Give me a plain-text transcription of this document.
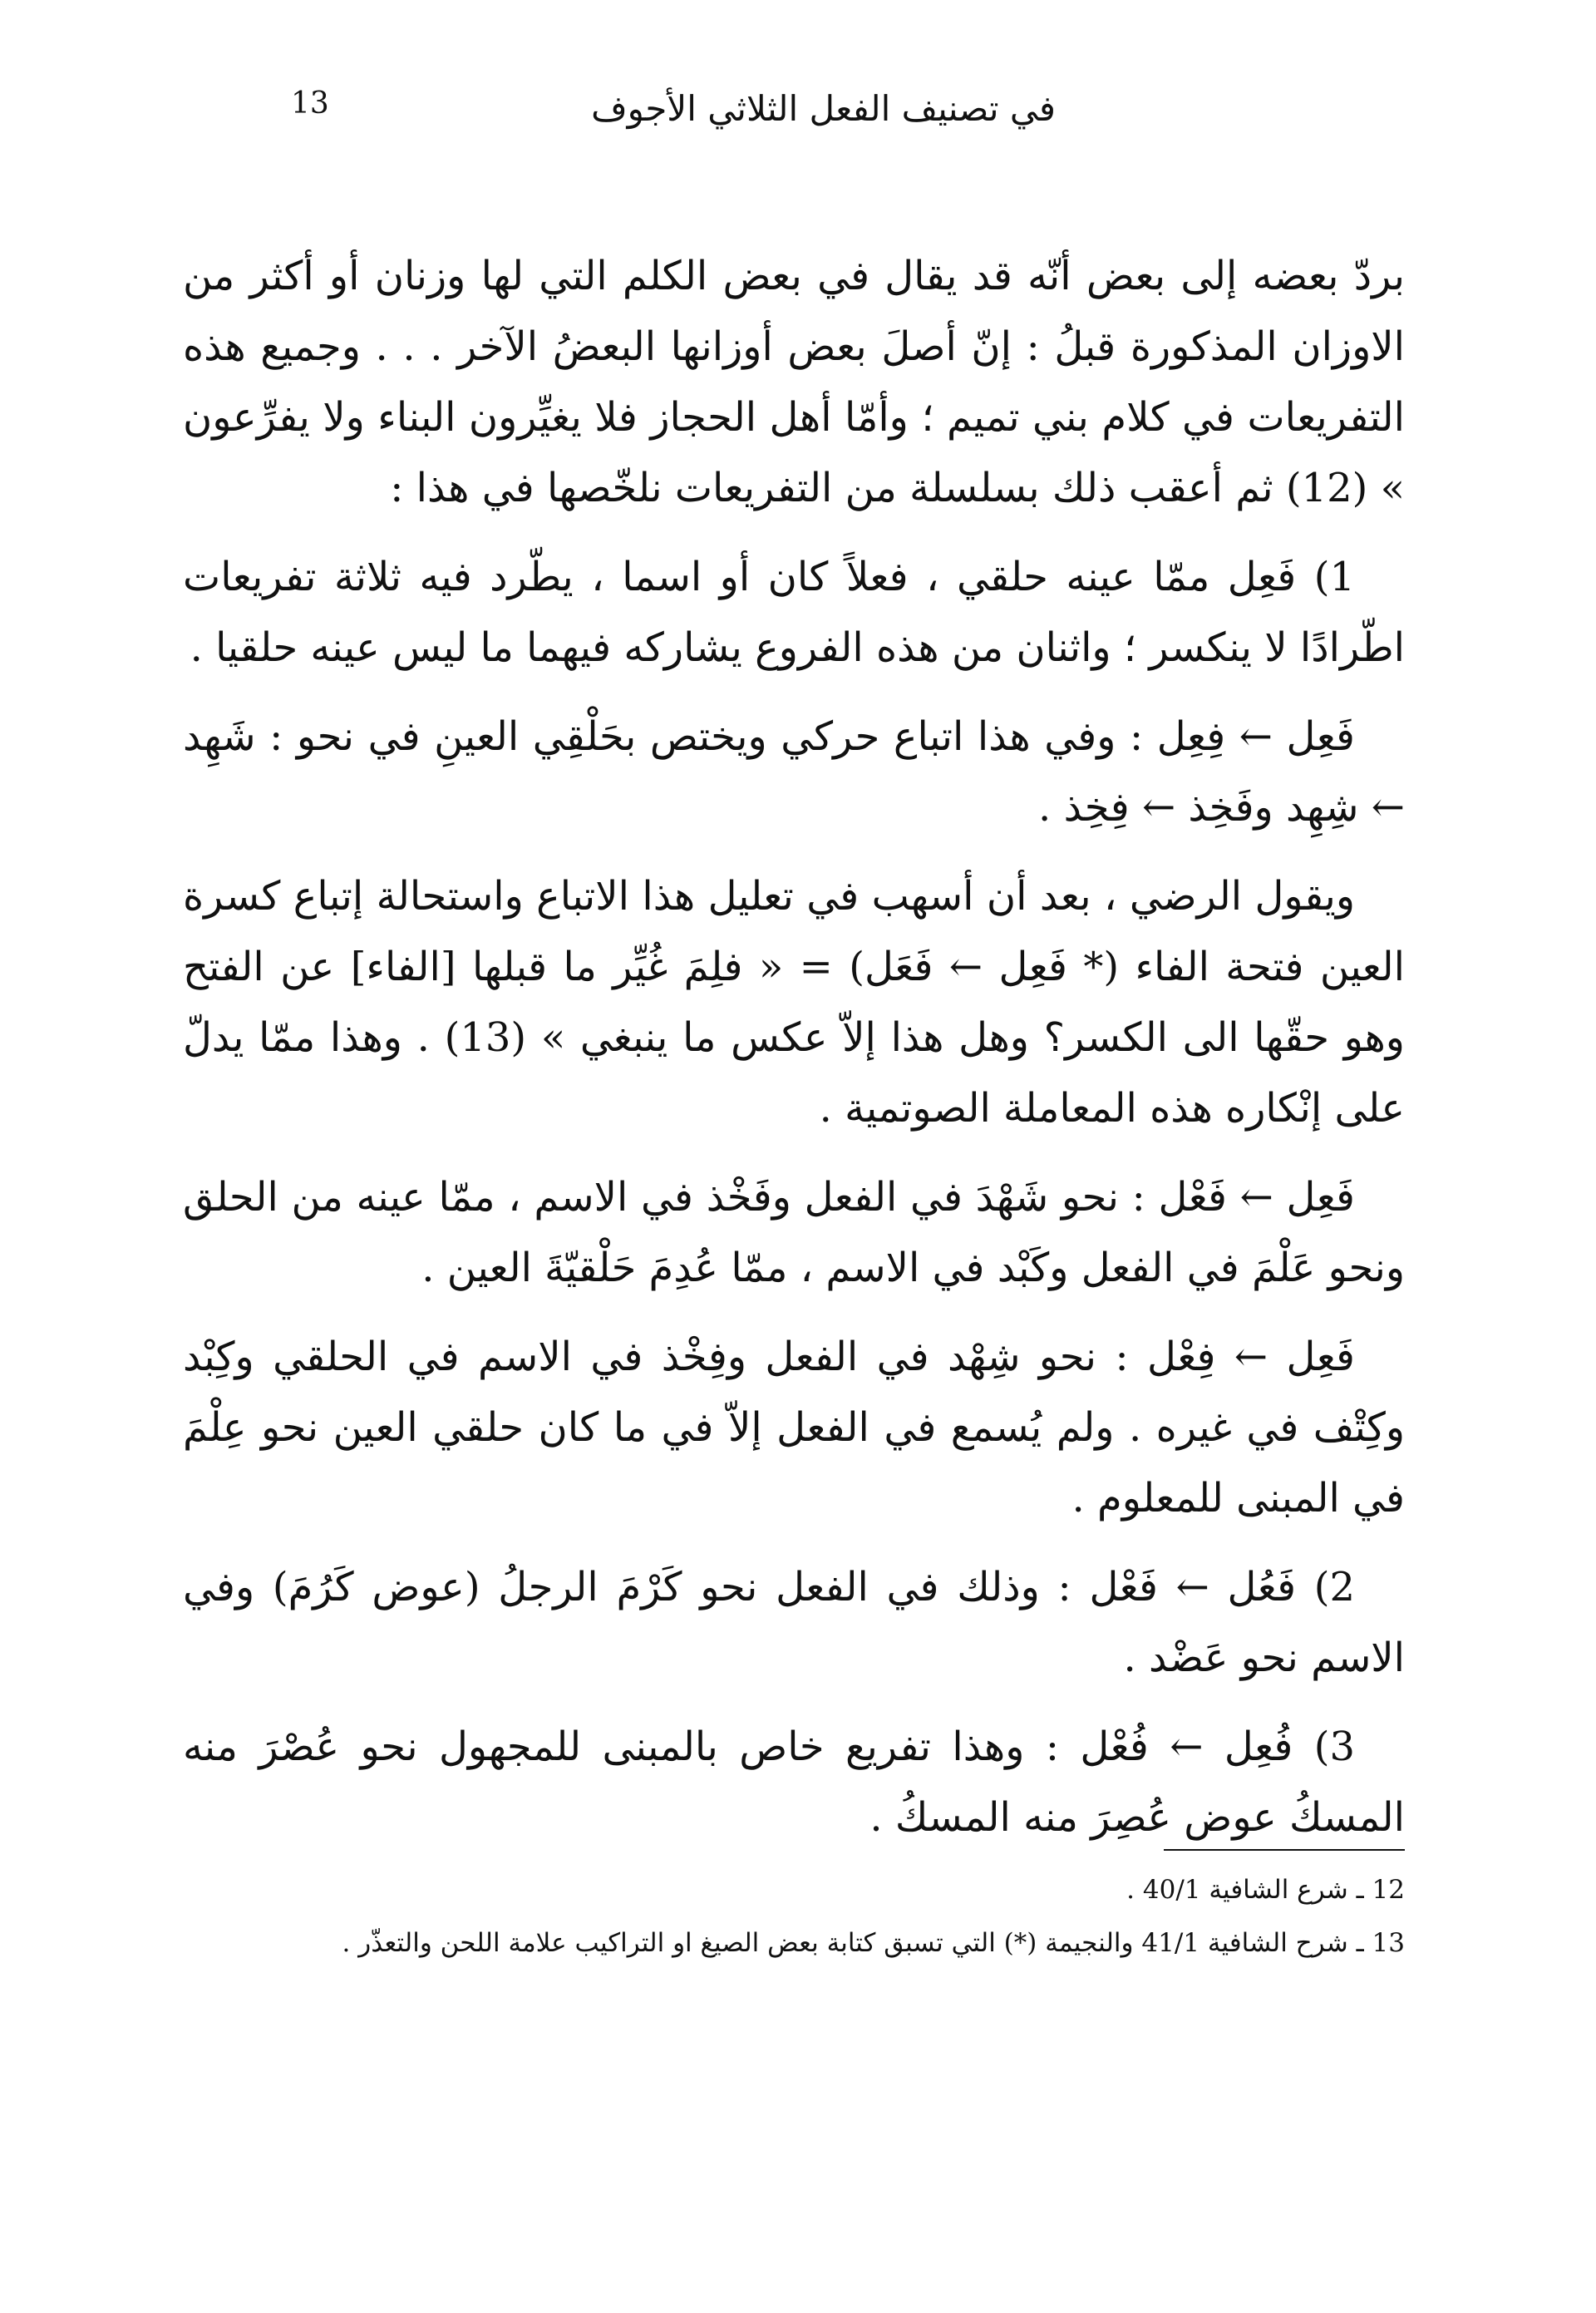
13	في تصنيف الفعل الثلاثي الأجوف

بردّ بعضه إلى بعض أنّه قد يقال في بعض الكلم التي لها وزنان أو أكثر من الاوزان المذكورة قبلُ : إنّ أصلَ بعض أوزانها البعضُ الآخر . . . وجميع هذه التفريعات في كلام بني تميم ؛ وأمّا أهل الحجاز فلا يغيِّرون البناء ولا يفرِّعون » (12) ثم أعقب ذلك بسلسلة من التفريعات نلخّصها في هذا :

1) فَعِل ممّا عينه حلقي ، فعلاً كان أو اسما ، يطّرد فيه ثلاثة تفريعات اطّرادًا لا ينكسر ؛ واثنان من هذه الفروع يشاركه فيهما ما ليس عينه حلقيا .

فَعِل ← فِعِل : وفي هذا اتباع حركي ويختص بحَلْقِي العينِ في نحو : شَهِد ← شِهِد وفَخِذ ← فِخِذ .

ويقول الرضي ، بعد أن أسهب في تعليل هذا الاتباع واستحالة إتباع كسرة العين فتحة الفاء (* فَعِل ← فَعَل) = « فلِمَ غُيِّر ما قبلها [الفاء] عن الفتح وهو حقّها الى الكسر؟ وهل هذا إلاّ عكس ما ينبغي » (13) . وهذا ممّا يدلّ على إنْكاره هذه المعاملة الصوتمية .

فَعِل ← فَعْل : نحو شَهْدَ في الفعل وفَخْذ في الاسم ، ممّا عينه من الحلق ونحو عَلْمَ في الفعل وكَبْد في الاسم ، ممّا عُدِمَ حَلْقيّةَ العين .

فَعِل ← فِعْل : نحو شِهْد في الفعل وفِخْذ في الاسم في الحلقي وكِبْد وكِتْف في غيره . ولم يُسمع في الفعل إلاّ في ما كان حلقي العين نحو عِلْمَ في المبنى للمعلوم .

2) فَعُل ← فَعْل : وذلك في الفعل نحو كَرْمَ الرجلُ (عوض كَرُمَ) وفي الاسم نحو عَضْد .

3) فُعِل ← فُعْل : وهذا تفريع خاص بالمبنى للمجهول نحو عُصْرَ منه المسكُ عوض عُصِرَ منه المسكُ .

12 ـ شرع الشافية 40/1 .

13 ـ شرح الشافية 41/1 والنجيمة (*) التي تسبق كتابة بعض الصيغ او التراكيب علامة اللحن والتعذّر .
